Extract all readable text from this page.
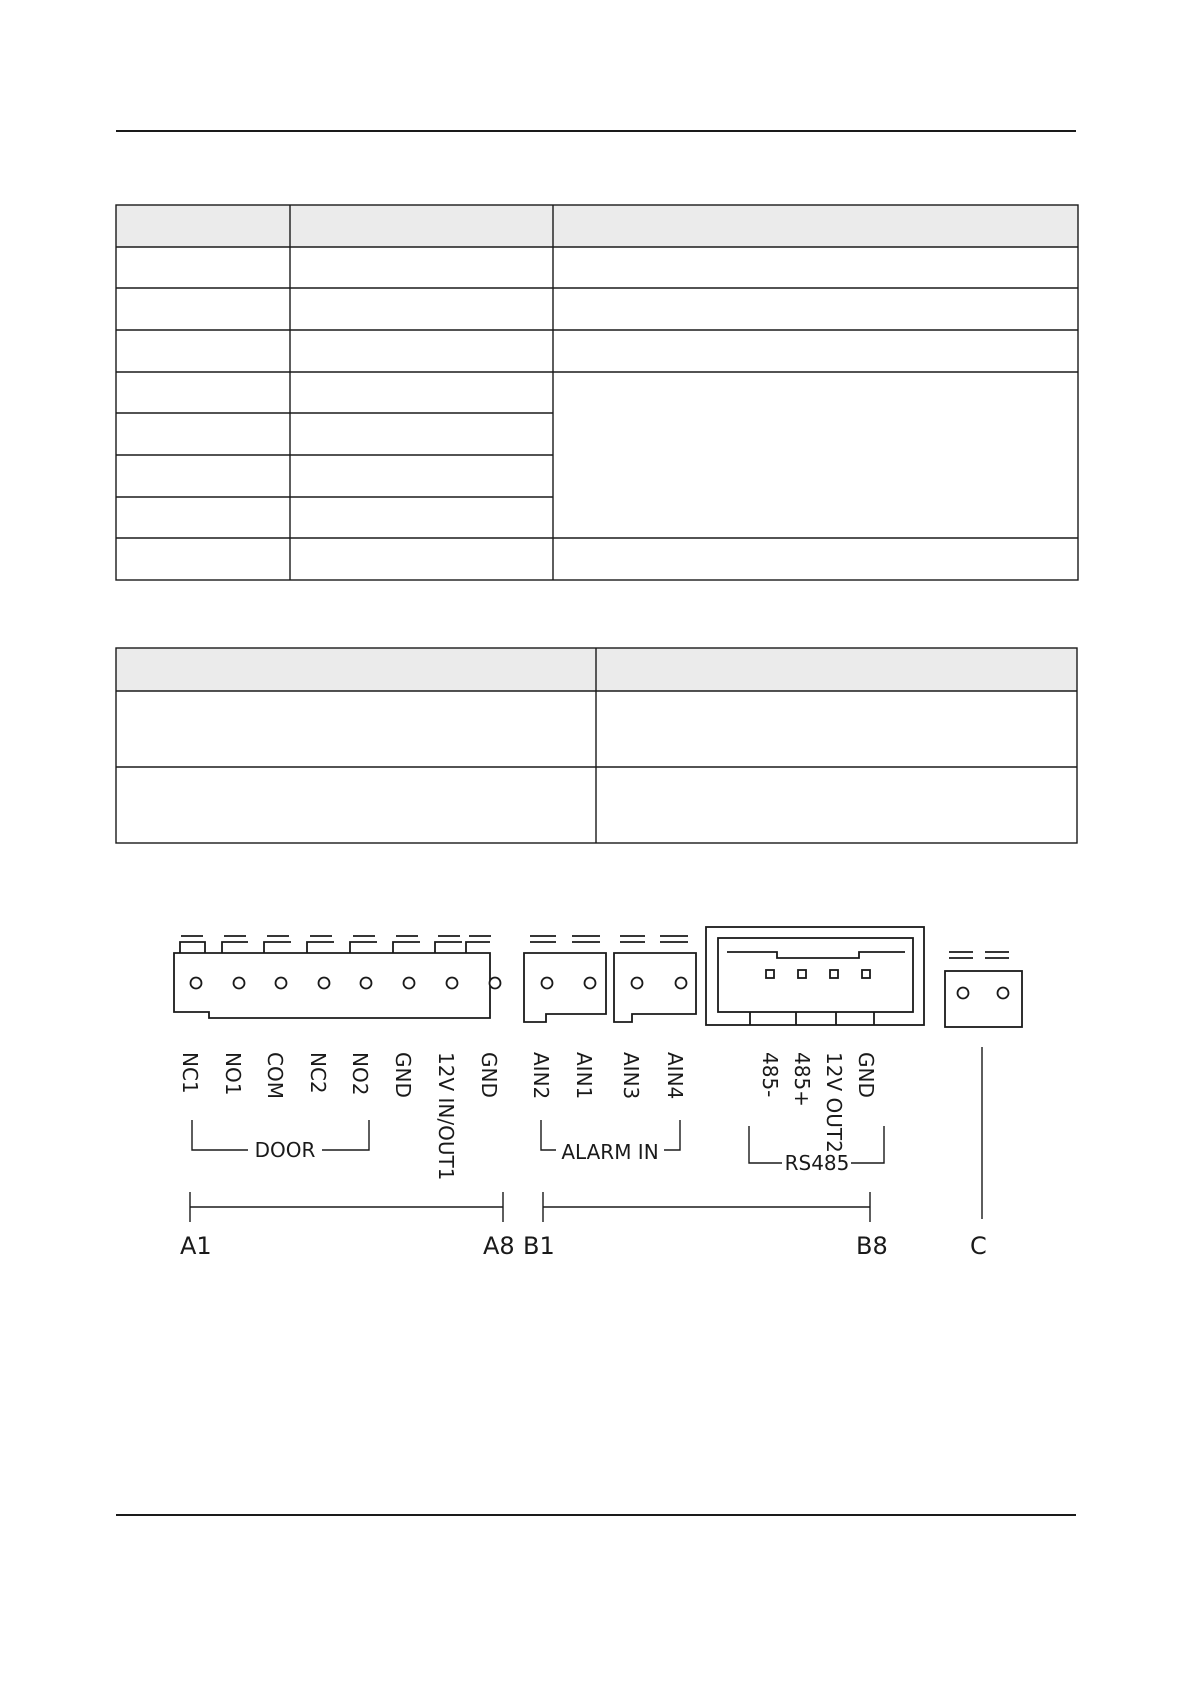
NC1 NO1 COM NC2 NO2 GND 12V IN/OUT1 GND AIN2 AIN1 AIN3 AIN4	485- 485+ 12V OUT2 GND
DOOR	ALARM IN	RS485
A1	A8 B1	B8	C
